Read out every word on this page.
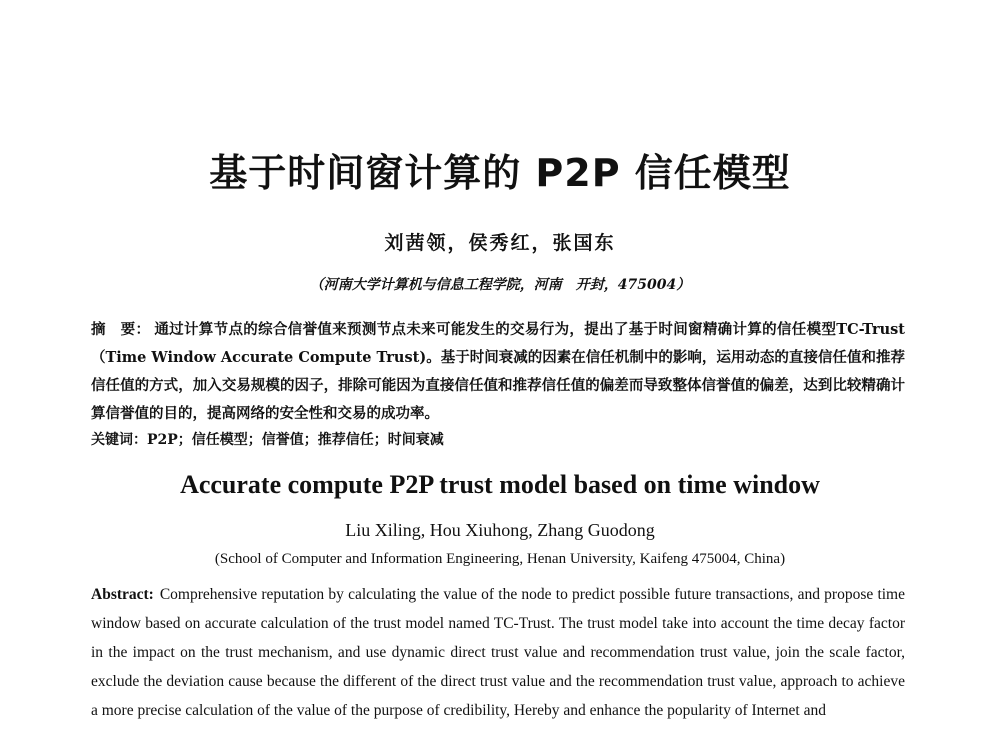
基于时间窗计算的 P2P 信任模型
刘茜领，侯秀红，张国东
（河南大学计算机与信息工程学院，河南　开封，475004）
摘　要： 通过计算节点的综合信誉值来预测节点未来可能发生的交易行为，提出了基于时间窗精确计算的信任模型TC-Trust（Time Window Accurate Compute Trust)。基于时间衰减的因素在信任机制中的影响，运用动态的直接信任值和推荐信任值的方式，加入交易规模的因子，排除可能因为直接信任值和推荐信任值的偏差而导致整体信誉值的偏差，达到比较精确计算信誉值的目的，提高网络的安全性和交易的成功率。
关键词：P2P；信任模型；信誉值；推荐信任；时间衰减
Accurate compute P2P trust model based on time window
Liu Xiling, Hou Xiuhong, Zhang Guodong
(School of Computer and Information Engineering, Henan University, Kaifeng 475004, China)
Abstract: Comprehensive reputation by calculating the value of the node to predict possible future transactions, and propose time window based on accurate calculation of the trust model named TC-Trust. The trust model take into account the time decay factor in the impact on the trust mechanism, and use dynamic direct trust value and recommendation trust value, join the scale factor, exclude the deviation cause because the different of the direct trust value and the recommendation trust value, approach to achieve a more precise calculation of the value of the purpose of credibility, Hereby and enhance the popularity of Internet and
